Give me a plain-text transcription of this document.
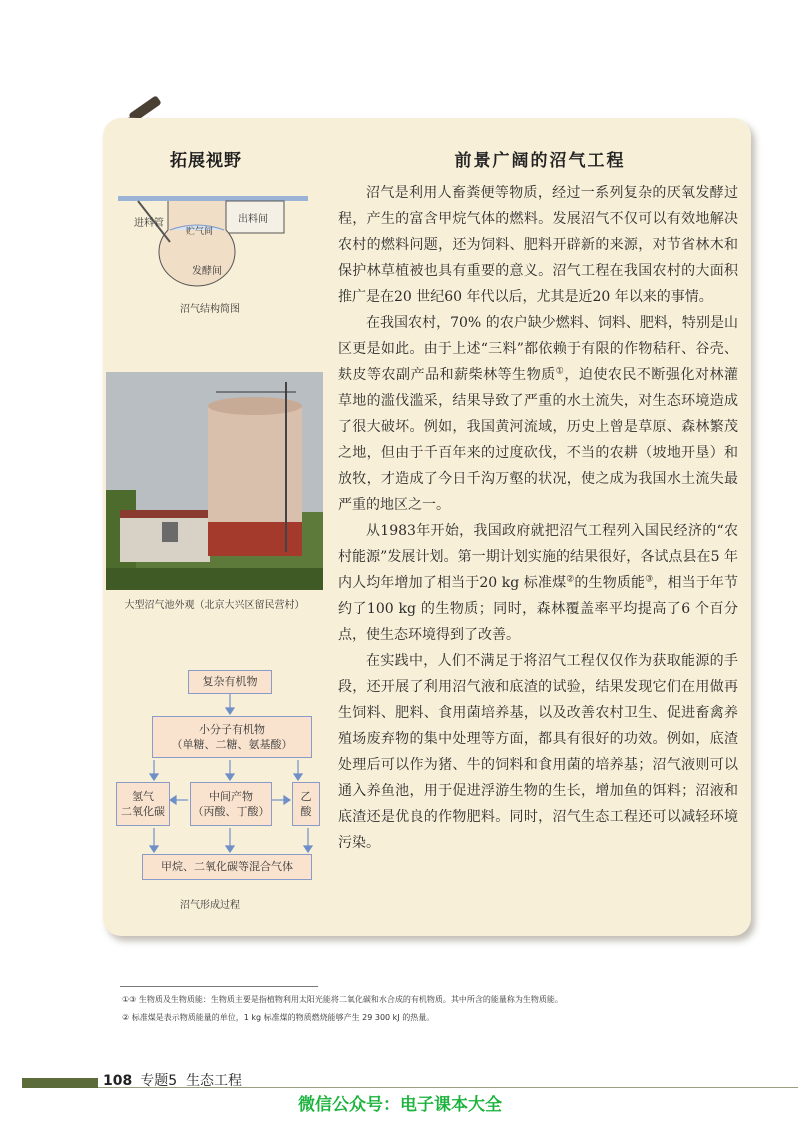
拓展视野	前景广阔的沼气工程
进料管	出料间
贮气间
发酵间
沼气结构简图
大型沼气池外观（北京大兴区留民营村）

沼气是利用人畜粪便等物质，经过一系列复杂的厌氧发酵过程，产生的富含甲烷气体的燃料。发展沼气不仅可以有效地解决农村的燃料问题，还为饲料、肥料开辟新的来源，对节省林木和保护林草植被也具有重要的意义。沼气工程在我国农村的大面积推广是在20 世纪60 年代以后，尤其是近20 年以来的事情。

在我国农村，70% 的农户缺少燃料、饲料、肥料，特别是山区更是如此。由于上述“三料”都依赖于有限的作物秸秆、谷壳、麸皮等农副产品和薪柴林等生物质①，迫使农民不断强化对林灌草地的滥伐滥采，结果导致了严重的水土流失，对生态环境造成了很大破坏。例如，我国黄河流域，历史上曾是草原、森林繁茂之地，但由于千百年来的过度砍伐，不当的农耕（坡地开垦）和放牧，才造成了今日千沟万壑的状况，使之成为我国水土流失最严重的地区之一。

从1983年开始，我国政府就把沼气工程列入国民经济的“农村能源”发展计划。第一期计划实施的结果很好，各试点县在5 年内人均年增加了相当于20 kg 标准煤②的生物质能③，相当于年节约了100 kg 的生物质；同时，森林覆盖率平均提高了6 个百分点，使生态环境得到了改善。

在实践中，人们不满足于将沼气工程仅仅作为获取能源的手段，还开展了利用沼气液和底渣的试验，结果发现它们在用做再生饲料、肥料、食用菌培养基，以及改善农村卫生、促进畜禽养殖场废弃物的集中处理等方面，都具有很好的功效。例如，底渣处理后可以作为猪、牛的饲料和食用菌的培养基；沼气液则可以通入养鱼池，用于促进浮游生物的生长，增加鱼的饵料；沼液和底渣还是优良的作物肥料。同时，沼气生态工程还可以减轻环境污染。

复杂有机物
小分子有机物
（单糖、二糖、氨基酸）
氢气
二氧化碳
中间产物
（丙酸、丁酸）
乙
酸
甲烷、二氧化碳等混合气体
沼气形成过程
①③ 生物质及生物质能：生物质主要是指植物利用太阳光能将二氧化碳和水合成的有机物质。其中所含的能量称为生物质能。
② 标准煤是表示物质能量的单位，1 kg 标准煤的物质燃烧能够产生 29 300 kJ 的热量。
108 专题5 生态工程
微信公众号：电子课本大全
